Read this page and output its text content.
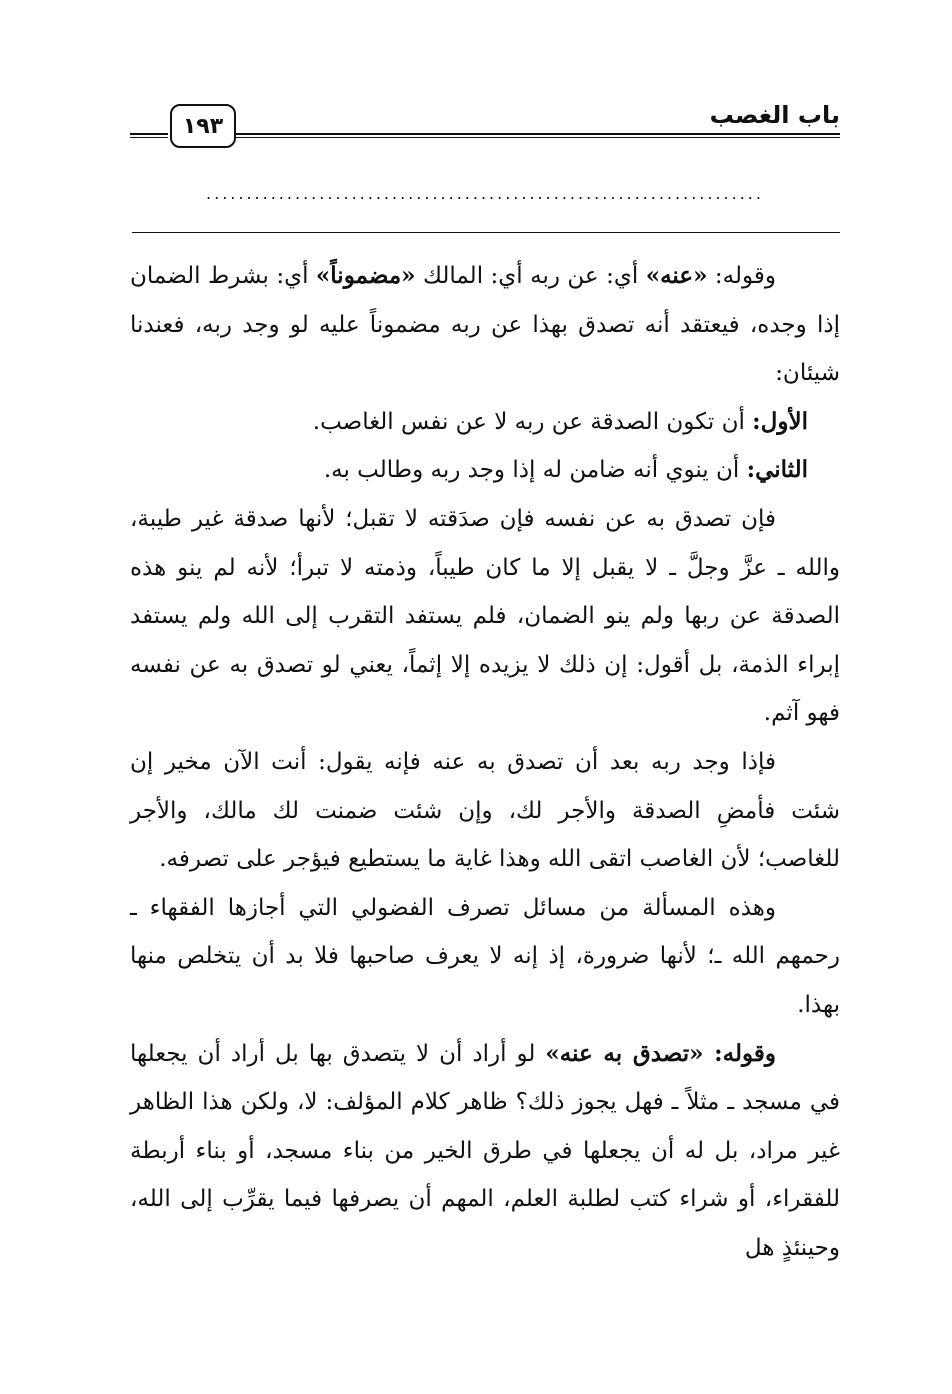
باب الغصب
١٩٣
.....................................................................

وقوله: «عنه» أي: عن ربه أي: المالك «مضموناً» أي: بشرط الضمان إذا وجده، فيعتقد أنه تصدق بهذا عن ربه مضموناً عليه لو وجد ربه، فعندنا شيئان:

الأول: أن تكون الصدقة عن ربه لا عن نفس الغاصب.

الثاني: أن ينوي أنه ضامن له إذا وجد ربه وطالب به.

فإن تصدق به عن نفسه فإن صدَقته لا تقبل؛ لأنها صدقة غير طيبة، والله ـ عزَّ وجلَّ ـ لا يقبل إلا ما كان طيباً، وذمته لا تبرأ؛ لأنه لم ينو هذه الصدقة عن ربها ولم ينو الضمان، فلم يستفد التقرب إلى الله ولم يستفد إبراء الذمة، بل أقول: إن ذلك لا يزيده إلا إثماً، يعني لو تصدق به عن نفسه فهو آثم.

فإذا وجد ربه بعد أن تصدق به عنه فإنه يقول: أنت الآن مخير إن شئت فأمضِ الصدقة والأجر لك، وإن شئت ضمنت لك مالك، والأجر للغاصب؛ لأن الغاصب اتقى الله وهذا غاية ما يستطيع فيؤجر على تصرفه.

وهذه المسألة من مسائل تصرف الفضولي التي أجازها الفقهاء ـ رحمهم الله ـ؛ لأنها ضرورة، إذ إنه لا يعرف صاحبها فلا بد أن يتخلص منها بهذا.

وقوله: «تصدق به عنه» لو أراد أن لا يتصدق بها بل أراد أن يجعلها في مسجد ـ مثلاً ـ فهل يجوز ذلك؟ ظاهر كلام المؤلف: لا، ولكن هذا الظاهر غير مراد، بل له أن يجعلها في طرق الخير من بناء مسجد، أو بناء أربطة للفقراء، أو شراء كتب لطلبة العلم، المهم أن يصرفها فيما يقرِّب إلى الله، وحينئذٍ هل
